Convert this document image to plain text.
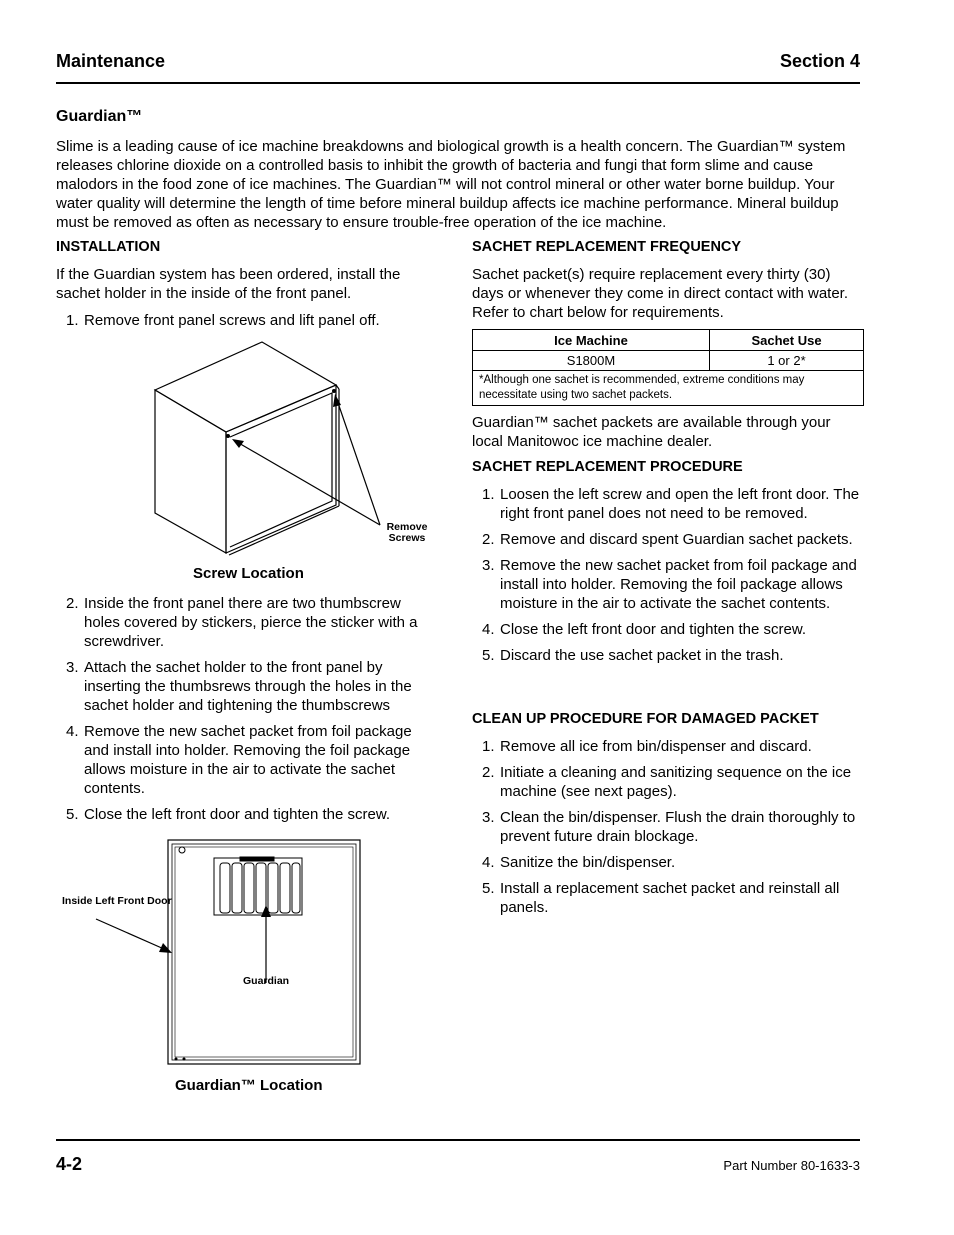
Maintenance	Section 4
Guardian™
Slime is a leading cause of ice machine breakdowns and biological growth is a health concern. The Guardian™ system releases chlorine dioxide on a controlled basis to inhibit the growth of bacteria and fungi that form slime and cause malodors in the food zone of ice machines. The Guardian™ will not control mineral or other water borne buildup. Your water quality will determine the length of time before mineral buildup affects ice machine performance. Mineral buildup must be removed as often as necessary to ensure trouble-free operation of the ice machine.
INSTALLATION
If the Guardian system has been ordered, install the sachet holder in the inside of the front panel.
1. Remove front panel screws and lift panel off.
Remove Screws
Screw Location
2. Inside the front panel there are two thumbscrew holes covered by stickers, pierce the sticker with a screwdriver.
3. Attach the sachet holder to the front panel by inserting the thumbsrews through the holes in the sachet holder and tightening the thumbscrews
4. Remove the new sachet packet from foil package and install into holder. Removing the foil package allows moisture in the air to activate the sachet contents.
5. Close the left front door and tighten the screw.
Inside Left Front Door
Guardian
Guardian™ Location
SACHET REPLACEMENT FREQUENCY
Sachet packet(s) require replacement every thirty (30) days or whenever they come in direct contact with water. Refer to chart below for requirements.
Ice Machine	Sachet Use
S1800M	1 or 2*
*Although one sachet is recommended, extreme conditions may necessitate using two sachet packets.	
Guardian™ sachet packets are available through your local Manitowoc ice machine dealer.
SACHET REPLACEMENT PROCEDURE
1. Loosen the left screw and open the left front door. The right front panel does not need to be removed.
2. Remove and discard spent Guardian sachet packets.
3. Remove the new sachet packet from foil package and install into holder. Removing the foil package allows moisture in the air to activate the sachet contents.
4. Close the left front door and tighten the screw.
5. Discard the use sachet packet in the trash.
CLEAN UP PROCEDURE FOR DAMAGED PACKET
1. Remove all ice from bin/dispenser and discard.
2. Initiate a cleaning and sanitizing sequence on the ice machine (see next pages).
3. Clean the bin/dispenser. Flush the drain thoroughly to prevent future drain blockage.
4. Sanitize the bin/dispenser.
5. Install a replacement sachet packet and reinstall all panels.
4-2	Part Number 80-1633-3
